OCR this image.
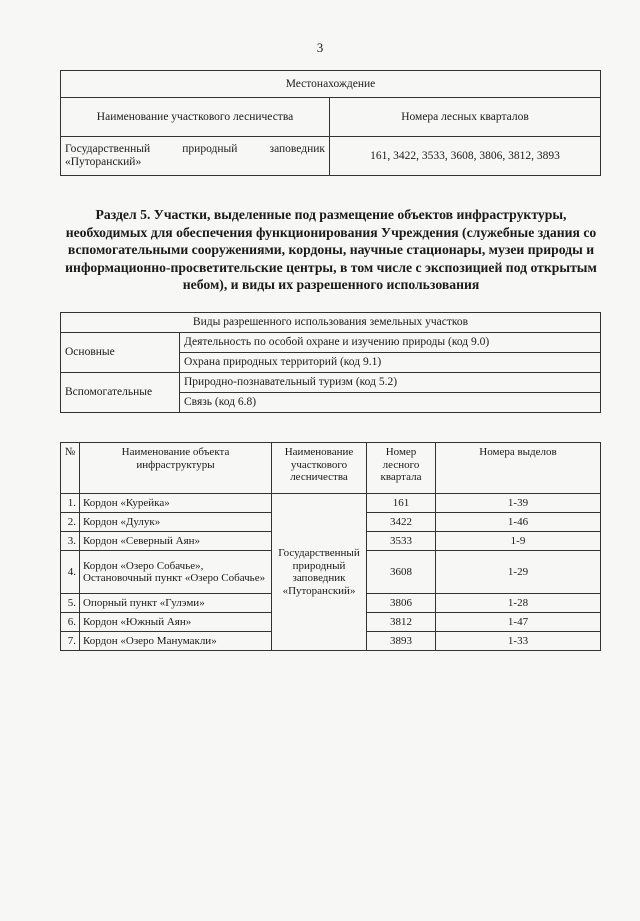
3
Местонахождение	
Наименование участкового лесничества	Номера лесных кварталов
Государственный природный заповедник «Путоранский»	161, 3422, 3533, 3608, 3806, 3812, 3893
Раздел 5. Участки, выделенные под размещение объектов инфраструктуры, необходимых для обеспечения функционирования Учреждения (служебные здания со вспомогательными сооружениями, кордоны, научные стационары, музеи природы и информационно-просветительские центры, в том числе с экспозицией под открытым небом), и виды их разрешенного использования
Виды разрешенного использования земельных участков	
Основные	Деятельность по особой охране и изучению природы (код 9.0)
	Охрана природных территорий (код 9.1)
Вспомогательные	Природно-познавательный туризм (код 5.2)
	Связь (код 6.8)
№	Наименование объекта инфраструктуры	Наименование участкового лесничества	Номер лесного квартала	Номера выделов
1.	Кордон «Курейка»	Государственный природный заповедник «Путоранский»	161	1-39
2.	Кордон «Дулук»		3422	1-46
3.	Кордон «Северный Аян»		3533	1-9
4.	Кордон «Озеро Собачье», Остановочный пункт «Озеро Собачье»		3608	1-29
5.	Опорный пункт «Гулэми»		3806	1-28
6.	Кордон «Южный Аян»		3812	1-47
7.	Кордон «Озеро Манумакли»		3893	1-33
